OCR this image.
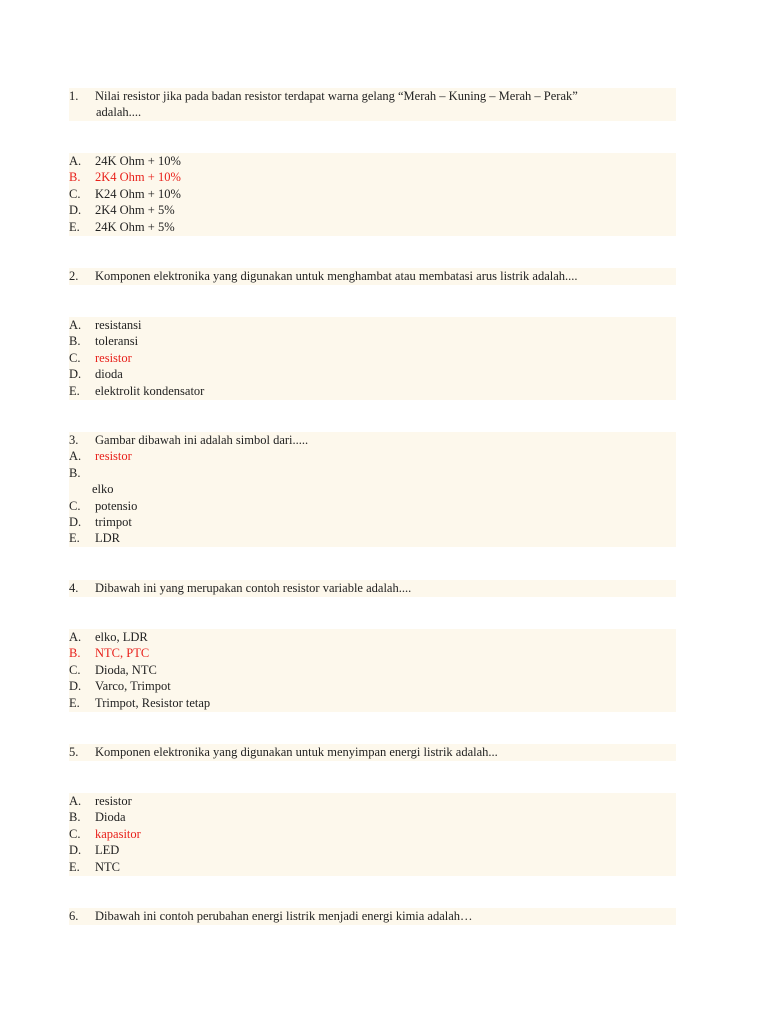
1. Nilai resistor jika pada badan resistor terdapat warna gelang “Merah – Kuning – Merah – Perak”
adalah....
A. 24K Ohm + 10%
B. 2K4 Ohm + 10%
C. K24 Ohm + 10%
D. 2K4 Ohm + 5%
E. 24K Ohm + 5%
2. Komponen elektronika yang digunakan untuk menghambat atau membatasi arus listrik adalah....
A. resistansi
B. toleransi
C. resistor
D. dioda
E. elektrolit kondensator
3. Gambar dibawah ini adalah simbol dari.....
A. resistor
B.
elko
C. potensio
D. trimpot
E. LDR
4. Dibawah ini yang merupakan contoh resistor variable adalah....
A. elko, LDR
B. NTC, PTC
C. Dioda, NTC
D. Varco, Trimpot
E. Trimpot, Resistor tetap
5. Komponen elektronika yang digunakan untuk menyimpan energi listrik adalah...
A. resistor
B. Dioda
C. kapasitor
D. LED
E. NTC
6. Dibawah ini contoh perubahan energi listrik menjadi energi kimia adalah…
